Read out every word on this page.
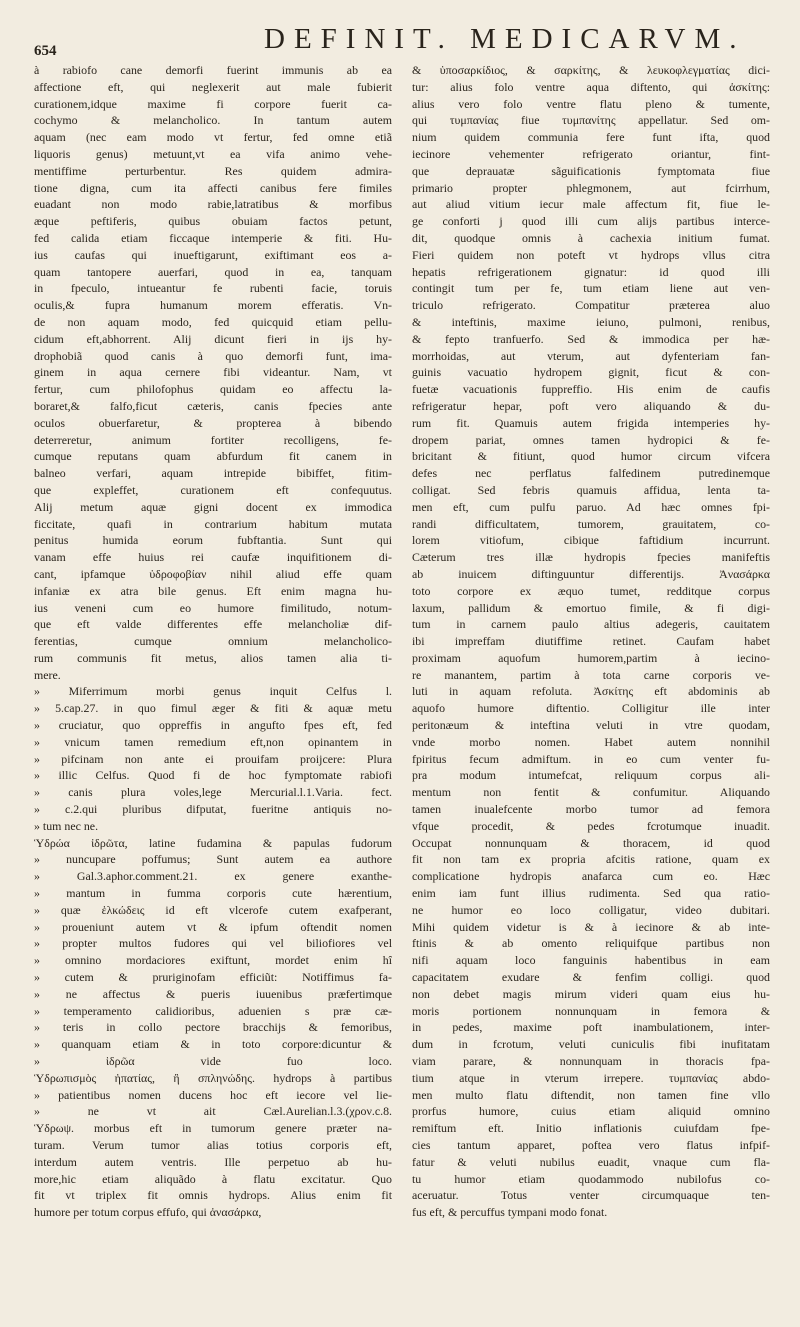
654	DEFINIT. MEDICARVM.
à rabiofo cane demorfi fuerint immunis ab ea
affectione eft, qui neglexerit aut male fubierit
curationem,idque maxime fi corpore fuerit ca-
cochymo & melancholico. In tantum autem
aquam (nec eam modo vt fertur, fed omne etiã
liquoris genus) metuunt,vt ea vifa animo vehe-
mentiffime perturbentur. Res quidem admira-
tione digna, cum ita affecti canibus fere fimiles
euadant non modo rabie,latratibus & morfibus
æque peftiferis, quibus obuiam factos petunt,
fed calida etiam ficcaque intemperie & fiti. Hu-
ius caufas qui inueftigarunt, exiftimant eos a-
quam tantopere auerfari, quod in ea, tanquam
in fpeculo, intueantur fe rubenti facie, toruis
oculis,& fupra humanum morem efferatis. Vn-
de non aquam modo, fed quicquid etiam pellu-
cidum eft,abhorrent. Alij dicunt fieri in ijs hy-
drophobiã quod canis à quo demorfi funt, ima-
ginem in aqua cernere fibi videantur. Nam, vt
fertur, cum philofophus quidam eo affectu la-
boraret,& falfo,ficut cæteris, canis fpecies ante
oculos obuerfaretur, & propterea à bibendo
deterreretur, animum fortiter recolligens, fe-
cumque reputans quam abfurdum fit canem in
balneo verfari, aquam intrepide bibiffet, fitim-
que expleffet, curationem eft confequutus.
Alij metum aquæ gigni docent ex immodica
ficcitate, quafi in contrarium habitum mutata
penitus humida eorum fubftantia. Sunt qui
vanam effe huius rei caufæ inquifitionem di-
cant, ipfamque ὑδροφοβίαν nihil aliud effe quam
infaniæ ex atra bile genus. Eft enim magna hu-
ius veneni cum eo humore fimilitudo, notum-
que eft valde differentes effe melancholiæ dif-
ferentias, cumque omnium melancholico-
rum communis fit metus, alios tamen alia ti-
mere.
» Miferrimum morbi genus inquit Celfus l.
» 5.cap.27. in quo fimul æger & fiti & aquæ metu
» cruciatur, quo oppreffis in angufto fpes eft, fed
» vnicum tamen remedium eft,non opinantem in
» pifcinam non ante ei prouifam proijcere: Plura
» illic Celfus. Quod fi de hoc fymptomate rabiofi
» canis plura voles,lege Mercurial.l.1.Varia. fect.
» c.2.qui pluribus difputat, fueritne antiquis no-
» tum nec ne.
Ὑδρώα ἰδρῶτα, latine fudamina & papulas fudorum
» nuncupare poffumus; Sunt autem ea authore
» Gal.3.aphor.comment.21. ex genere exanthe-
» mantum in fumma corporis cute hærentium,
» quæ ἑλκώδεις id eft vlcerofe cutem exafperant,
» proueniunt autem vt & ipfum oftendit nomen
» propter multos fudores qui vel biliofiores vel
» omnino mordaciores exiftunt, mordet enim hî
» cutem & pruriginofam efficiũt: Notiffimus fa-
» ne affectus & pueris iuuenibus præfertimque
» temperamento calidioribus, aduenien s præ cæ-
» teris in collo pectore bracchijs & femoribus,
» quanquam etiam & in toto corpore:dicuntur &
» ἱδρῶα vide fuo loco.
Ὑδρωπισμὸς ἡπατίας, ἢ σπληνώδης. hydrops à partibus
» patientibus nomen ducens hoc eft iecore vel lie-
» ne vt ait Cæl.Aurelian.l.3.(χρον.c.8.
Ὑδρωψ. morbus eft in tumorum genere præter na-
turam. Verum tumor alias totius corporis eft,
interdum autem ventris. Ille perpetuo ab hu-
more,hic etiam aliquãdo à flatu excitatur. Quo
fit vt triplex fit omnis hydrops. Alius enim fit
humore per totum corpus effufo, qui ἀνασάρκα,
& ὑποσαρκίδιος, & σαρκίτης, & λευκοφλεγματίας dici-
tur: alius folo ventre aqua diftento, qui ἀσκίτης:
alius vero folo ventre flatu pleno & tumente,
qui τυμπανίας fiue τυμπανίτης appellatur. Sed om-
nium quidem communia fere funt ifta, quod
iecinore vehementer refrigerato oriantur, fint-
que deprauatæ sãguificationis fymptomata fiue
primario propter phlegmonem, aut fcirrhum,
aut aliud vitium iecur male affectum fit, fiue le-
ge conforti j quod illi cum alijs partibus interce-
dit, quodque omnis à cachexia initium fumat.
Fieri quidem non poteft vt hydrops vllus citra
hepatis refrigerationem gignatur: id quod illi
contingit tum per fe, tum etiam liene aut ven-
triculo refrigerato. Compatitur præterea aluo
& inteftinis, maxime ieiuno, pulmoni, renibus,
& fepto tranfuerfo. Sed & immodica per hæ-
morrhoidas, aut vterum, aut dyfenteriam fan-
guinis vacuatio hydropem gignit, ficut & con-
fuetæ vacuationis fuppreffio. His enim de caufis
refrigeratur hepar, poft vero aliquando & du-
rum fit. Quamuis autem frigida intemperies hy-
dropem pariat, omnes tamen hydropici & fe-
bricitant & fitiunt, quod humor circum vifcera
defes nec perflatus falfedinem putredinemque
colligat. Sed febris quamuis affidua, lenta ta-
men eft, cum pulfu paruo. Ad hæc omnes fpi-
randi difficultatem, tumorem, grauitatem, co-
lorem vitiofum, cibique faftidium incurrunt.
Cæterum tres illæ hydropis fpecies manifeftis
ab inuicem diftinguuntur differentijs. Ἀνασάρκα
toto corpore ex æquo tumet, redditque corpus
laxum, pallidum & emortuo fimile, & fi digi-
tum in carnem paulo altius adegeris, cauitatem
ibi impreffam diutiffime retinet. Caufam habet
proximam aquofum humorem,partim à iecino-
re manantem, partim à tota carne corporis ve-
luti in aquam refoluta. Ἀσκίτης eft abdominis ab
aquofo humore diftentio. Colligitur ille inter
peritonæum & inteftina veluti in vtre quodam,
vnde morbo nomen. Habet autem nonnihil
fpiritus fecum admiftum. in eo cum venter fu-
pra modum intumefcat, reliquum corpus ali-
mentum non fentit & confumitur. Aliquando
tamen inualefcente morbo tumor ad femora
vfque procedit, & pedes fcrotumque inuadit.
Occupat nonnunquam & thoracem, id quod
fit non tam ex propria afcitis ratione, quam ex
complicatione hydropis anafarca cum eo. Hæc
enim iam funt illius rudimenta. Sed qua ratio-
ne humor eo loco colligatur, video dubitari.
Mihi quidem videtur is & à iecinore & ab inte-
ftinis & ab omento reliquifque partibus non
nifi aquam loco fanguinis habentibus in eam
capacitatem exudare & fenfim colligi. quod
non debet magis mirum videri quam eius hu-
moris portionem nonnunquam in femora &
in pedes, maxime poft inambulationem, inter-
dum in fcrotum, veluti cuniculis fibi inufitatam
viam parare, & nonnunquam in thoracis fpa-
tium atque in vterum irrepere. τυμπανίας abdo-
men multo flatu diftendit, non tamen fine vllo
prorfus humore, cuius etiam aliquid omnino
remiftum eft. Initio inflationis cuiufdam fpe-
cies tantum apparet, poftea vero flatus infpif-
fatur & veluti nubilus euadit, vnaque cum fla-
tu humor etiam quodammodo nubilofus co-
aceruatur. Totus venter circumquaque ten-
fus eft, & percuffus tympani modo fonat.
